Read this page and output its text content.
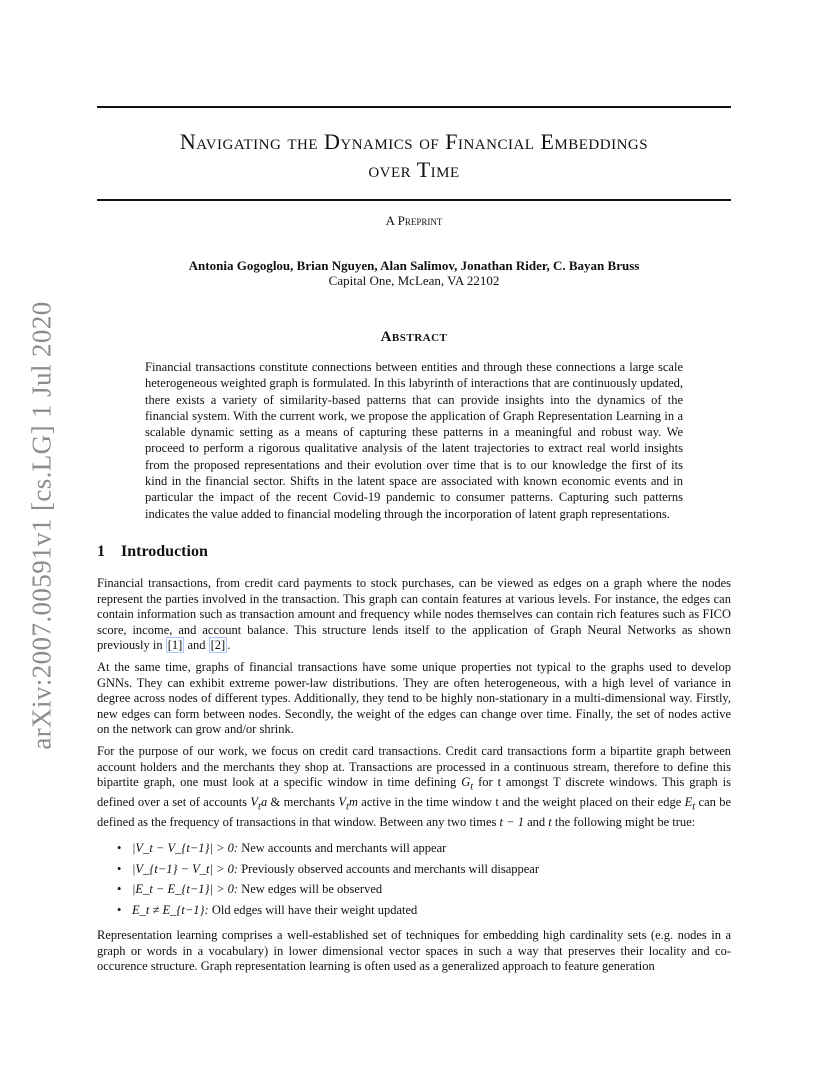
arXiv:2007.00591v1 [cs.LG] 1 Jul 2020
Navigating the Dynamics of Financial Embeddings
over Time
A Preprint
Antonia Gogoglou, Brian Nguyen, Alan Salimov, Jonathan Rider, C. Bayan Bruss
Capital One, McLean, VA 22102
Abstract

Financial transactions constitute connections between entities and through these connections a large scale heterogeneous weighted graph is formulated. In this labyrinth of interactions that are continuously updated, there exists a variety of similarity-based patterns that can provide insights into the dynamics of the financial system. With the current work, we propose the application of Graph Representation Learning in a scalable dynamic setting as a means of capturing these patterns in a meaningful and robust way. We proceed to perform a rigorous qualitative analysis of the latent trajectories to extract real world insights from the proposed representations and their evolution over time that is to our knowledge the first of its kind in the financial sector. Shifts in the latent space are associated with known economic events and in particular the impact of the recent Covid-19 pandemic to consumer patterns. Capturing such patterns indicates the value added to financial modeling through the incorporation of latent graph representations.

1 Introduction

Financial transactions, from credit card payments to stock purchases, can be viewed as edges on a graph where the nodes represent the parties involved in the transaction. This graph can contain features at various levels. For instance, the edges can contain information such as transaction amount and frequency while nodes themselves can contain rich features such as FICO score, income, and account balance. This structure lends itself to the application of Graph Neural Networks as shown previously in [1] and [2] .

At the same time, graphs of financial transactions have some unique properties not typical to the graphs used to develop GNNs. They can exhibit extreme power-law distributions. They are often heterogeneous, with a high level of variance in degree across nodes of different types. Additionally, they tend to be highly non-stationary in a multi-dimensional way. Firstly, new edges can form between nodes. Secondly, the weight of the edges can change over time. Finally, the set of nodes active on the network can grow and/or shrink.

For the purpose of our work, we focus on credit card transactions. Credit card transactions form a bipartite graph between account holders and the merchants they shop at. Transactions are processed in a continuous stream, therefore to define this bipartite graph, one must look at a specific window in time defining $G_t$ for t amongst T discrete windows. This graph is defined over a set of accounts $V_ta$ & merchants $V_tm$ active in the time window t and the weight placed on their edge $E_t$ can be defined as the frequency of transactions in that window. Between any two times t − 1 and t the following might be true:

• |V_t − V_{t−1}| > 0: New accounts and merchants will appear
• |V_{t−1} − V_t| > 0: Previously observed accounts and merchants will disappear
• |E_t − E_{t−1}| > 0: New edges will be observed
• E_t ≠ E_{t−1}: Old edges will have their weight updated

Representation learning comprises a well-established set of techniques for embedding high cardinality sets (e.g. nodes in a graph or words in a vocabulary) in lower dimensional vector spaces in such a way that preserves their locality and co-occurence structure. Graph representation learning is often used as a generalized approach to feature generation
